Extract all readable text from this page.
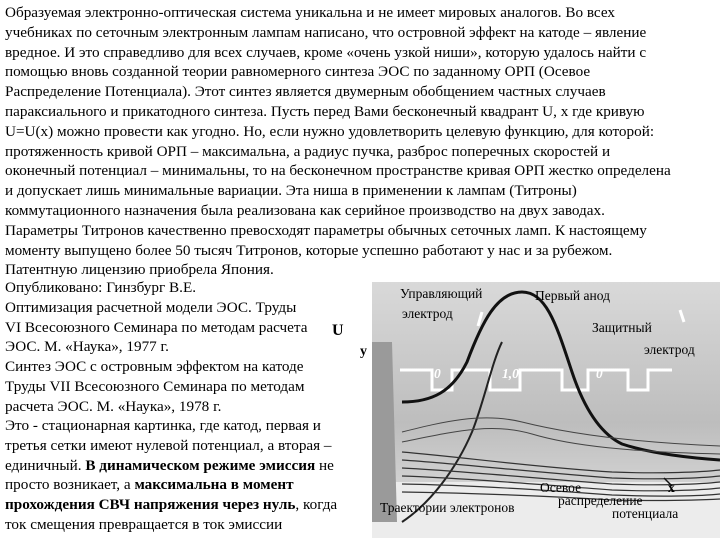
Образуемая электронно-оптическая система уникальна и не имеет мировых аналогов. Во всех
учебниках по сеточным электронным лампам написано, что островной эффект на катоде – явление
вредное. И это справедливо для всех случаев, кроме «очень узкой ниши», которую удалось найти с
помощью вновь созданной теории равномерного синтеза ЭОС по заданному ОРП (Осевое
Распределение Потенциала). Этот синтез является двумерным обобщением частных случаев
параксиального и прикатодного синтеза. Пусть перед Вами бесконечный квадрант U, x где кривую
U=U(x) можно провести как угодно. Но, если нужно удовлетворить целевую функцию, для которой:
протяженность кривой ОРП – максимальна, а радиус пучка, разброс поперечных скоростей и
оконечный потенциал – минимальны, то на бесконечном пространстве кривая ОРП жестко определена
и допускает лишь минимальные вариации. Эта ниша в применении к лампам (Титроны)
коммутационного назначения была реализована как серийное производство на двух заводах.
Параметры Титронов качественно превосходят параметры обычных сеточных ламп. К настоящему
моменту выпущено более 50 тысяч Титронов, которые успешно работают у нас и за рубежом.
Патентную лицензию приобрела Япония.
Опубликовано: Гинзбург В.Е.
Оптимизация расчетной модели ЭОС. Труды
VI Всесоюзного Семинара по методам расчета
ЭОС. М. «Наука», 1977 г.
Синтез ЭОС с островным эффектом на катоде
Труды VII Всесоюзного Семинара по методам
расчета ЭОС. М. «Наука», 1978 г.
Это - стационарная картинка, где катод, первая и
третья сетки имеют нулевой потенциал, а вторая –
единичный. В динамическом режиме эмиссия не
просто возникает, а максимальна в момент
прохождения СВЧ напряжения через нуль, когда
ток смещения превращается в ток эмиссии
U
y
Управляющий
электрод
Первый анод
Защитный
электрод
0	1,0	0
x
Осевое
распределение
потенциала
Траектории электронов
